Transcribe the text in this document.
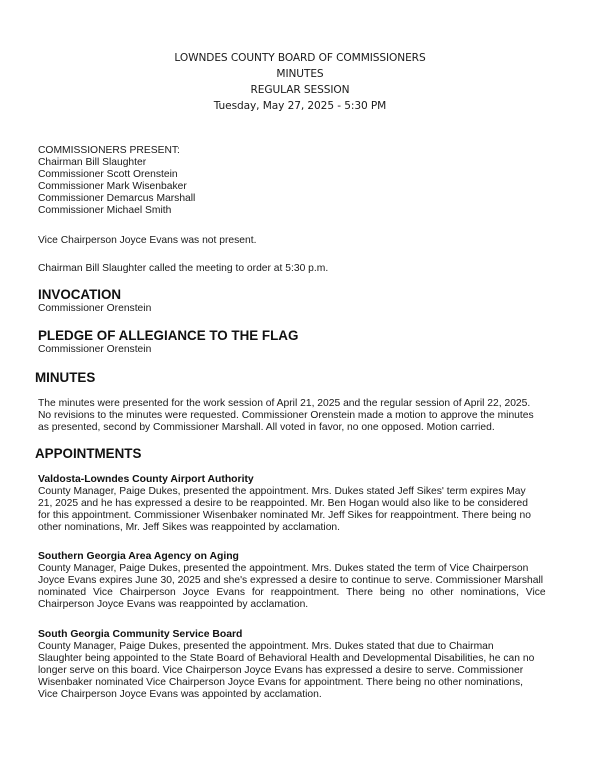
LOWNDES COUNTY BOARD OF COMMISSIONERS
MINUTES
REGULAR SESSION
Tuesday, May 27, 2025 - 5:30 PM
COMMISSIONERS PRESENT:
Chairman Bill Slaughter
Commissioner Scott Orenstein
Commissioner Mark Wisenbaker
Commissioner Demarcus Marshall
Commissioner Michael Smith
Vice Chairperson Joyce Evans was not present.
Chairman Bill Slaughter called the meeting to order at 5:30 p.m.
INVOCATION
Commissioner Orenstein
PLEDGE OF ALLEGIANCE TO THE FLAG
Commissioner Orenstein
MINUTES
The minutes were presented for the work session of April 21, 2025 and the regular session of April 22, 2025.
No revisions to the minutes were requested. Commissioner Orenstein made a motion to approve the minutes
as presented, second by Commissioner Marshall. All voted in favor, no one opposed. Motion carried.
APPOINTMENTS
Valdosta-Lowndes County Airport Authority
County Manager, Paige Dukes, presented the appointment. Mrs. Dukes stated Jeff Sikes' term expires May
21, 2025 and he has expressed a desire to be reappointed. Mr. Ben Hogan would also like to be considered
for this appointment. Commissioner Wisenbaker nominated Mr. Jeff Sikes for reappointment. There being no
other nominations, Mr. Jeff Sikes was reappointed by acclamation.
Southern Georgia Area Agency on Aging
County Manager, Paige Dukes, presented the appointment. Mrs. Dukes stated the term of Vice Chairperson
Joyce Evans expires June 30, 2025 and she's expressed a desire to continue to serve. Commissioner Marshall
nominated Vice Chairperson Joyce Evans for reappointment. There being no other nominations, Vice
Chairperson Joyce Evans was reappointed by acclamation.
South Georgia Community Service Board
County Manager, Paige Dukes, presented the appointment. Mrs. Dukes stated that due to Chairman
Slaughter being appointed to the State Board of Behavioral Health and Developmental Disabilities, he can no
longer serve on this board. Vice Chairperson Joyce Evans has expressed a desire to serve. Commissioner
Wisenbaker nominated Vice Chairperson Joyce Evans for appointment. There being no other nominations,
Vice Chairperson Joyce Evans was appointed by acclamation.
